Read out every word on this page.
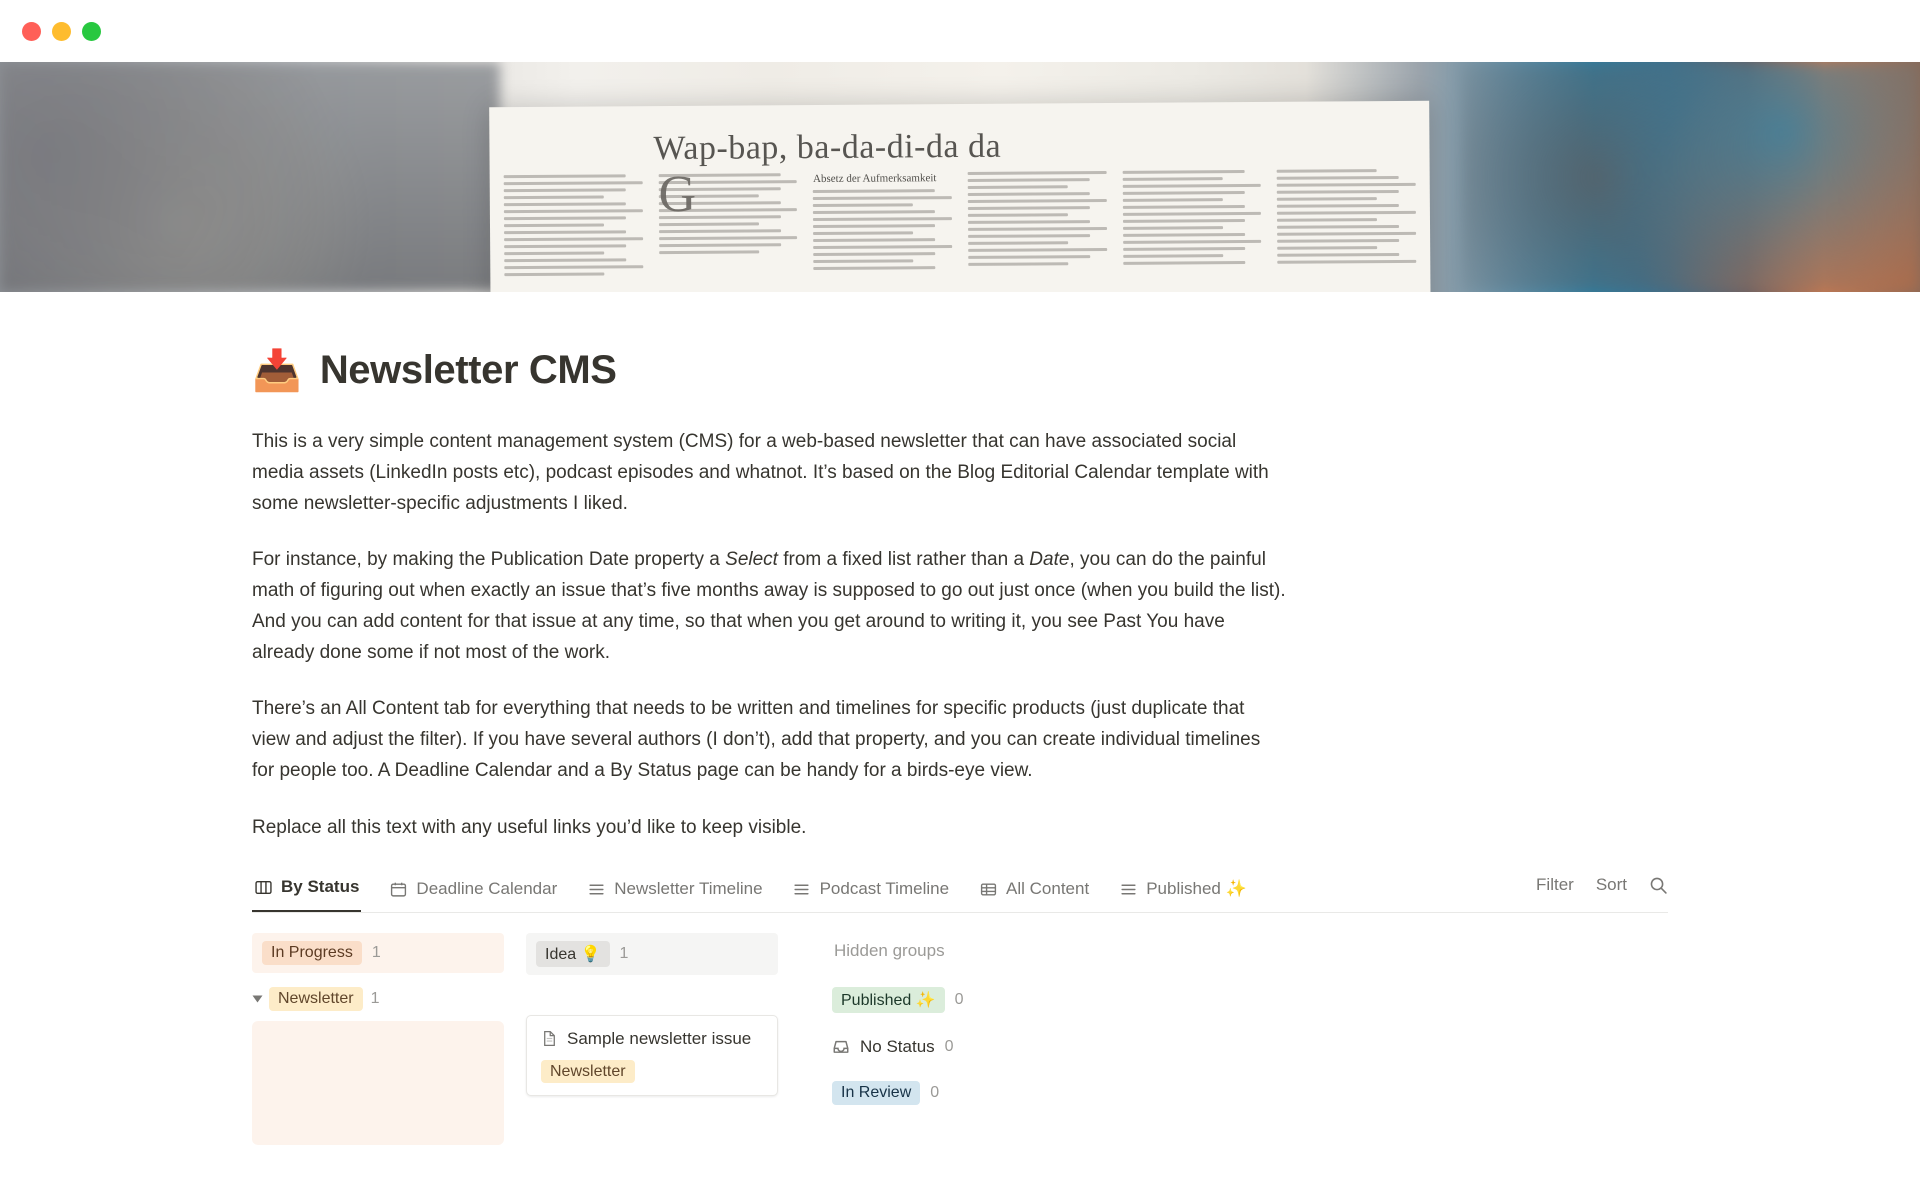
Wap-bap, ba-da-di-da da
G	Absetz der Aufmerksamkeit
📥 Newsletter CMS

This is a very simple content management system (CMS) for a web-based newsletter that can have associated social media assets (LinkedIn posts etc), podcast episodes and whatnot. It’s based on the Blog Editorial Calendar template with some newsletter-specific adjustments I liked.

For instance, by making the Publication Date property a Select from a fixed list rather than a Date, you can do the painful math of figuring out when exactly an issue that’s five months away is supposed to go out just once (when you build the list). And you can add content for that issue at any time, so that when you get around to writing it, you see Past You have already done some if not most of the work.

There’s an All Content tab for everything that needs to be written and timelines for specific products (just duplicate that view and adjust the filter). If you have several authors (I don’t), add that property, and you can create individual timelines for people too. A Deadline Calendar and a By Status page can be handy for a birds-eye view.

Replace all this text with any useful links you’d like to keep visible.

By Status	Deadline Calendar	Newsletter Timeline	Podcast Timeline	All Content	Published ✨	Filter Sort
In Progress	1
Newsletter	1
Idea 💡	1
Sample newsletter issue
Newsletter
Hidden groups
Published ✨	0
No Status 0
In Review	0
